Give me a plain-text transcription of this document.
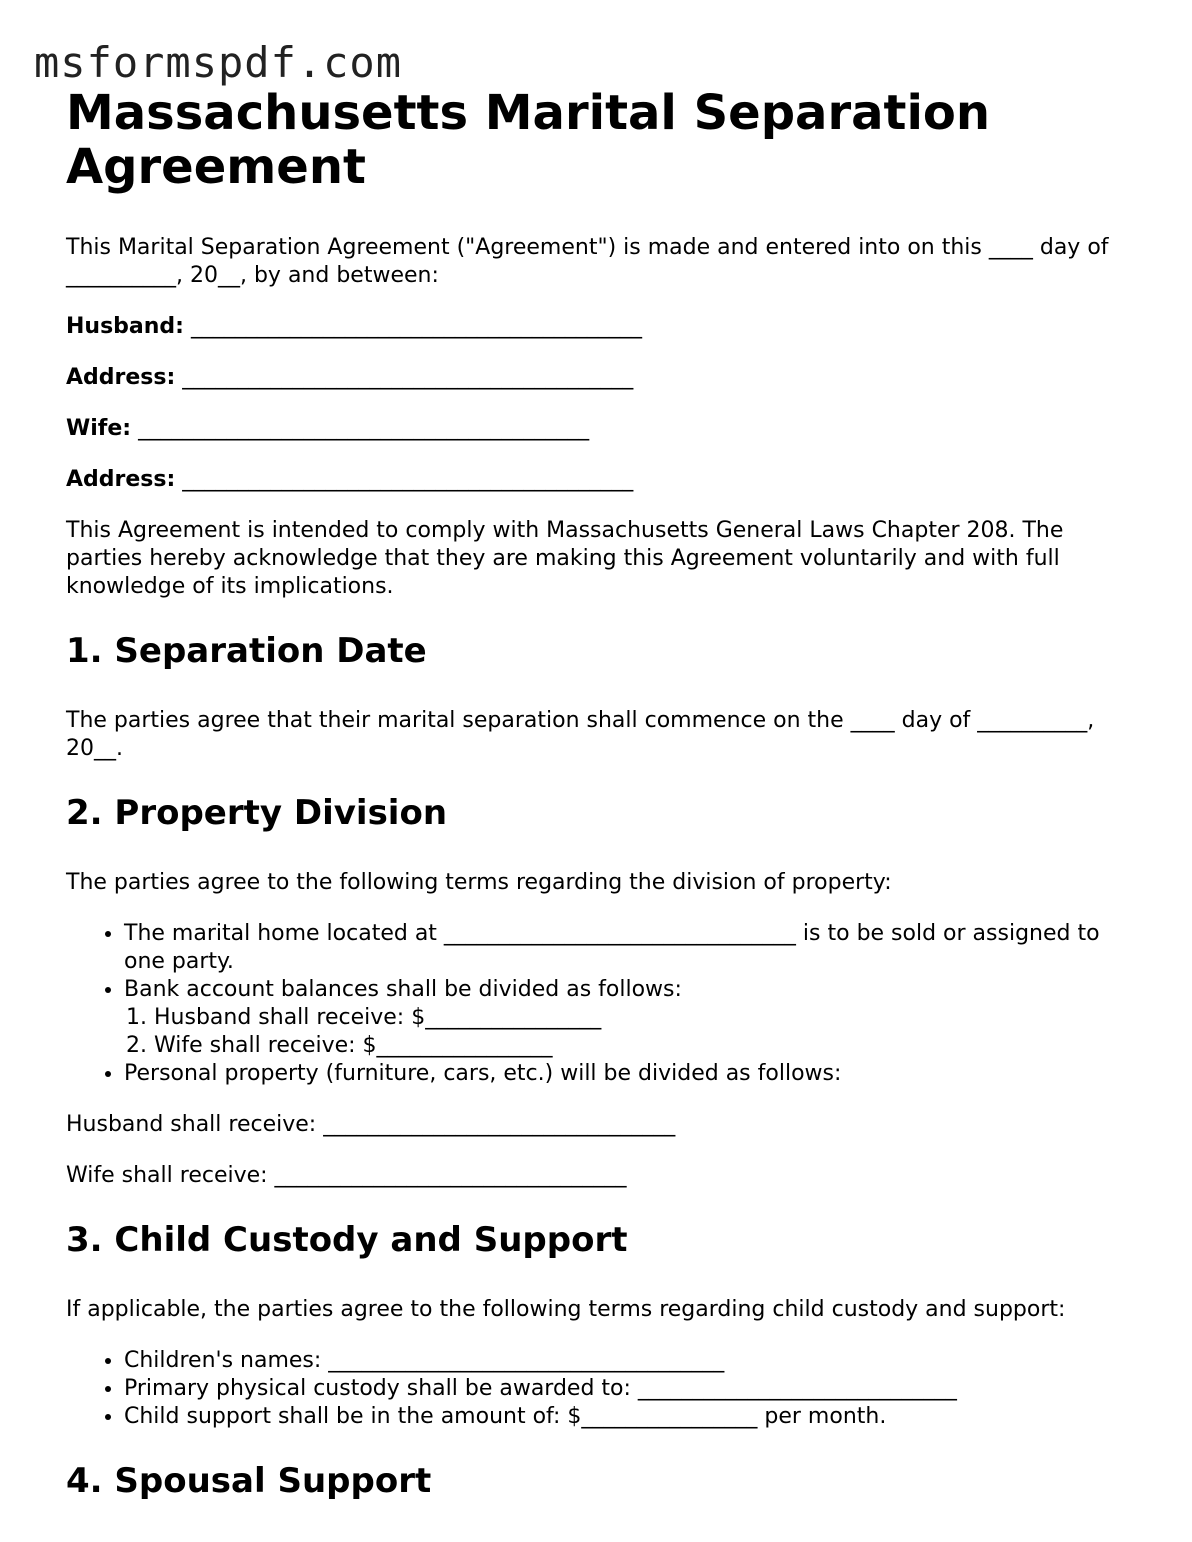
msformspdf.com
Massachusetts Marital Separation Agreement

This Marital Separation Agreement ("Agreement") is made and entered into on this ____ day of __________, 20__, by and between:

Husband: _________________________________________
Address: _________________________________________
Wife: _________________________________________
Address: _________________________________________

This Agreement is intended to comply with Massachusetts General Laws Chapter 208. The parties hereby acknowledge that they are making this Agreement voluntarily and with full knowledge of its implications.

1. Separation Date

The parties agree that their marital separation shall commence on the ____ day of __________, 20__.

2. Property Division

The parties agree to the following terms regarding the division of property:

• The marital home located at ________________________________ is to be sold or assigned to one party.
• Bank account balances shall be divided as follows:
1. Husband shall receive: $________________
2. Wife shall receive: $________________
• Personal property (furniture, cars, etc.) will be divided as follows:

Husband shall receive: ________________________________

Wife shall receive: ________________________________

3. Child Custody and Support

If applicable, the parties agree to the following terms regarding child custody and support:

• Children's names: ____________________________________
• Primary physical custody shall be awarded to: _____________________________
• Child support shall be in the amount of: $________________ per month.
4. Spousal Support
